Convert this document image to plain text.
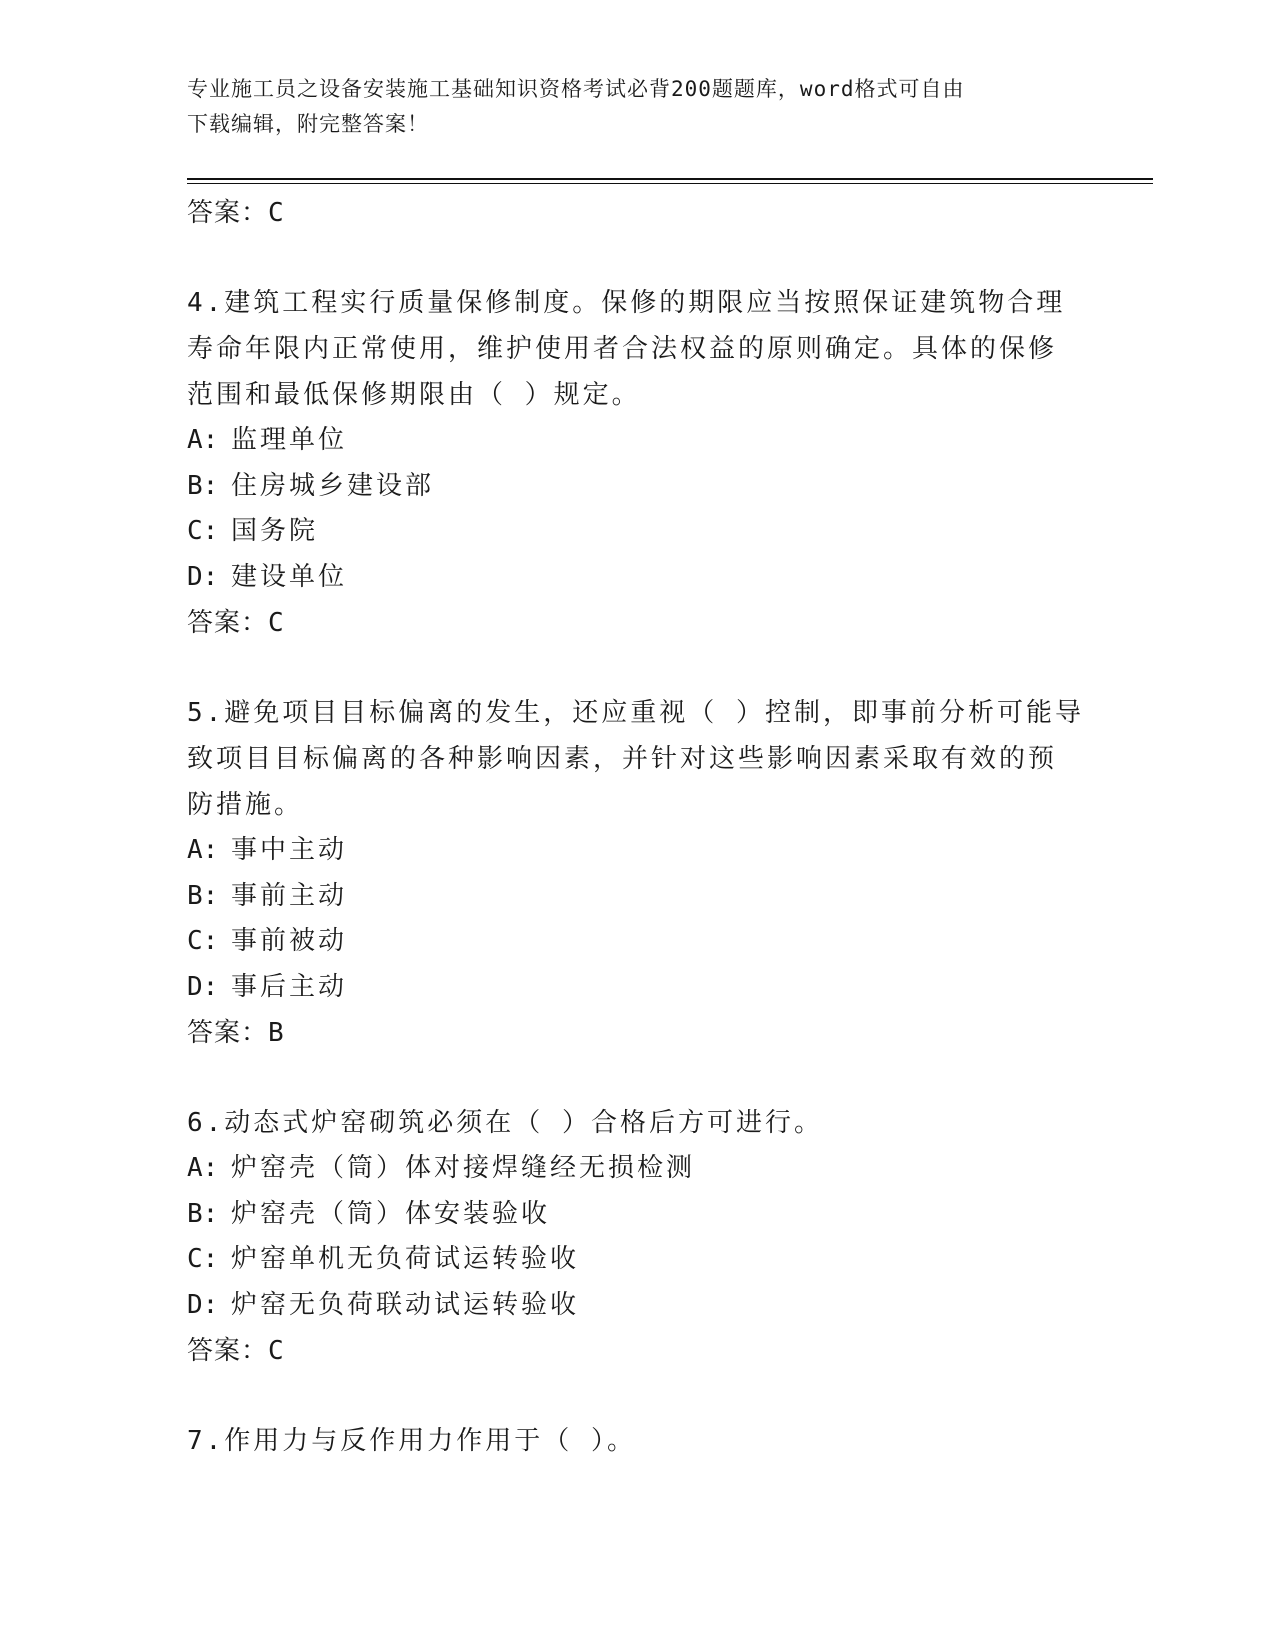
专业施工员之设备安装施工基础知识资格考试必背200题题库，word格式可自由
下载编辑，附完整答案！
答案：C

4.建筑工程实行质量保修制度。保修的期限应当按照保证建筑物合理

寿命年限内正常使用，维护使用者合法权益的原则确定。具体的保修

范围和最低保修期限由（ ）规定。

A: 监理单位
B: 住房城乡建设部
C: 国务院
D: 建设单位
答案：C

5.避免项目目标偏离的发生，还应重视（ ）控制，即事前分析可能导

致项目目标偏离的各种影响因素，并针对这些影响因素采取有效的预

防措施。

A: 事中主动
B: 事前主动
C: 事前被动
D: 事后主动
答案：B

6.动态式炉窑砌筑必须在（ ）合格后方可进行。

A: 炉窑壳（筒）体对接焊缝经无损检测
B: 炉窑壳（筒）体安装验收
C: 炉窑单机无负荷试运转验收
D: 炉窑无负荷联动试运转验收
答案：C

7.作用力与反作用力作用于（ ）。
